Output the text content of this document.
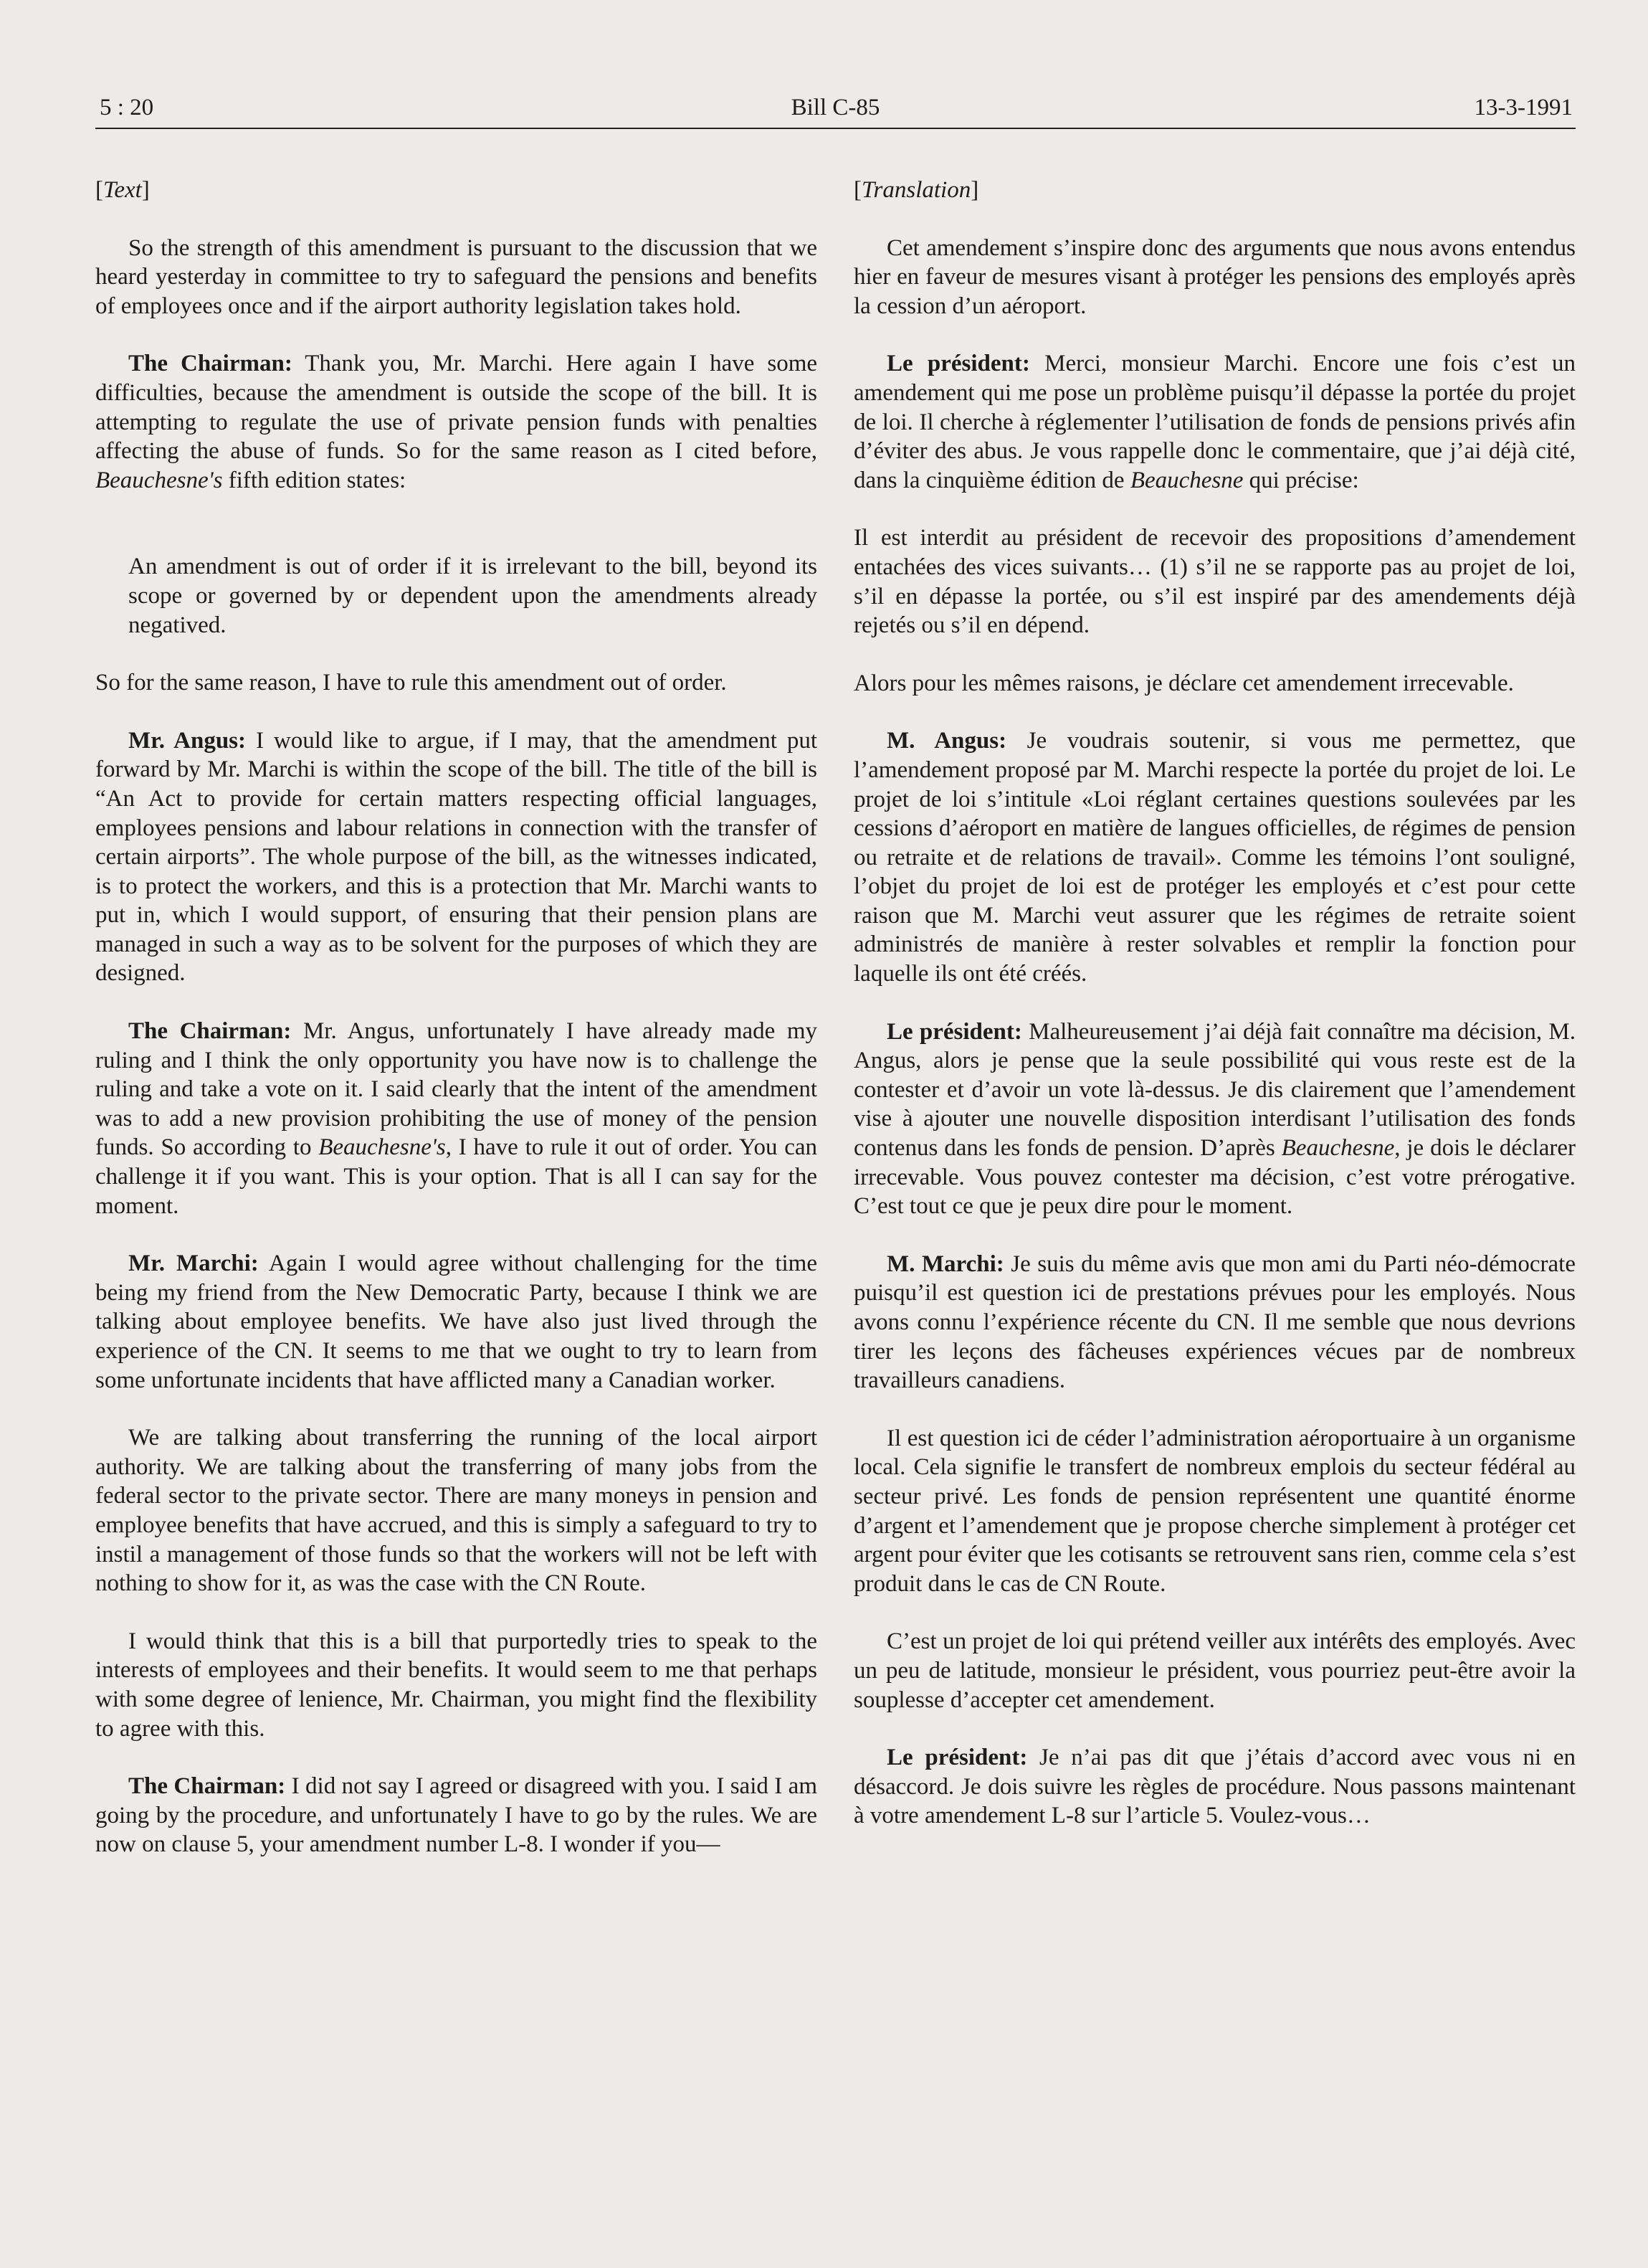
5 : 20	Bill C-85	13-3-1991
[Text]

So the strength of this amendment is pursuant to the discussion that we heard yesterday in committee to try to safeguard the pensions and benefits of employees once and if the airport authority legislation takes hold.

The Chairman: Thank you, Mr. Marchi. Here again I have some difficulties, because the amendment is outside the scope of the bill. It is attempting to regulate the use of private pension funds with penalties affecting the abuse of funds. So for the same reason as I cited before, Beauchesne's fifth edition states:

An amendment is out of order if it is irrelevant to the bill, beyond its scope or governed by or dependent upon the amendments already negatived.

So for the same reason, I have to rule this amendment out of order.

Mr. Angus: I would like to argue, if I may, that the amendment put forward by Mr. Marchi is within the scope of the bill. The title of the bill is “An Act to provide for certain matters respecting official languages, employees pensions and labour relations in connection with the transfer of certain airports”. The whole purpose of the bill, as the witnesses indicated, is to protect the workers, and this is a protection that Mr. Marchi wants to put in, which I would support, of ensuring that their pension plans are managed in such a way as to be solvent for the purposes of which they are designed.

The Chairman: Mr. Angus, unfortunately I have already made my ruling and I think the only opportunity you have now is to challenge the ruling and take a vote on it. I said clearly that the intent of the amendment was to add a new provision prohibiting the use of money of the pension funds. So according to Beauchesne's, I have to rule it out of order. You can challenge it if you want. This is your option. That is all I can say for the moment.

Mr. Marchi: Again I would agree without challenging for the time being my friend from the New Democratic Party, because I think we are talking about employee benefits. We have also just lived through the experience of the CN. It seems to me that we ought to try to learn from some unfortunate incidents that have afflicted many a Canadian worker.

We are talking about transferring the running of the local airport authority. We are talking about the transferring of many jobs from the federal sector to the private sector. There are many moneys in pension and employee benefits that have accrued, and this is simply a safeguard to try to instil a management of those funds so that the workers will not be left with nothing to show for it, as was the case with the CN Route.

I would think that this is a bill that purportedly tries to speak to the interests of employees and their benefits. It would seem to me that perhaps with some degree of lenience, Mr. Chairman, you might find the flexibility to agree with this.

The Chairman: I did not say I agreed or disagreed with you. I said I am going by the procedure, and unfortunately I have to go by the rules. We are now on clause 5, your amendment number L-8. I wonder if you—

[Translation]

Cet amendement s’inspire donc des arguments que nous avons entendus hier en faveur de mesures visant à protéger les pensions des employés après la cession d’un aéroport.

Le président: Merci, monsieur Marchi. Encore une fois c’est un amendement qui me pose un problème puisqu’il dépasse la portée du projet de loi. Il cherche à réglementer l’utilisation de fonds de pensions privés afin d’éviter des abus. Je vous rappelle donc le commentaire, que j’ai déjà cité, dans la cinquième édition de Beauchesne qui précise:

Il est interdit au président de recevoir des propositions d’amendement entachées des vices suivants… (1) s’il ne se rapporte pas au projet de loi, s’il en dépasse la portée, ou s’il est inspiré par des amendements déjà rejetés ou s’il en dépend.

Alors pour les mêmes raisons, je déclare cet amendement irrecevable.

M. Angus: Je voudrais soutenir, si vous me permettez, que l’amendement proposé par M. Marchi respecte la portée du projet de loi. Le projet de loi s’intitule «Loi réglant certaines questions soulevées par les cessions d’aéroport en matière de langues officielles, de régimes de pension ou retraite et de relations de travail». Comme les témoins l’ont souligné, l’objet du projet de loi est de protéger les employés et c’est pour cette raison que M. Marchi veut assurer que les régimes de retraite soient administrés de manière à rester solvables et remplir la fonction pour laquelle ils ont été créés.

Le président: Malheureusement j’ai déjà fait connaître ma décision, M. Angus, alors je pense que la seule possibilité qui vous reste est de la contester et d’avoir un vote là-dessus. Je dis clairement que l’amendement vise à ajouter une nouvelle disposition interdisant l’utilisation des fonds contenus dans les fonds de pension. D’après Beauchesne, je dois le déclarer irrecevable. Vous pouvez contester ma décision, c’est votre prérogative. C’est tout ce que je peux dire pour le moment.

M. Marchi: Je suis du même avis que mon ami du Parti néo-démocrate puisqu’il est question ici de prestations prévues pour les employés. Nous avons connu l’expérience récente du CN. Il me semble que nous devrions tirer les leçons des fâcheuses expériences vécues par de nombreux travailleurs canadiens.

Il est question ici de céder l’administration aéroportuaire à un organisme local. Cela signifie le transfert de nombreux emplois du secteur fédéral au secteur privé. Les fonds de pension représentent une quantité énorme d’argent et l’amendement que je propose cherche simplement à protéger cet argent pour éviter que les cotisants se retrouvent sans rien, comme cela s’est produit dans le cas de CN Route.

C’est un projet de loi qui prétend veiller aux intérêts des employés. Avec un peu de latitude, monsieur le président, vous pourriez peut-être avoir la souplesse d’accepter cet amendement.

Le président: Je n’ai pas dit que j’étais d’accord avec vous ni en désaccord. Je dois suivre les règles de procédure. Nous passons maintenant à votre amendement L-8 sur l’article 5. Voulez-vous…
